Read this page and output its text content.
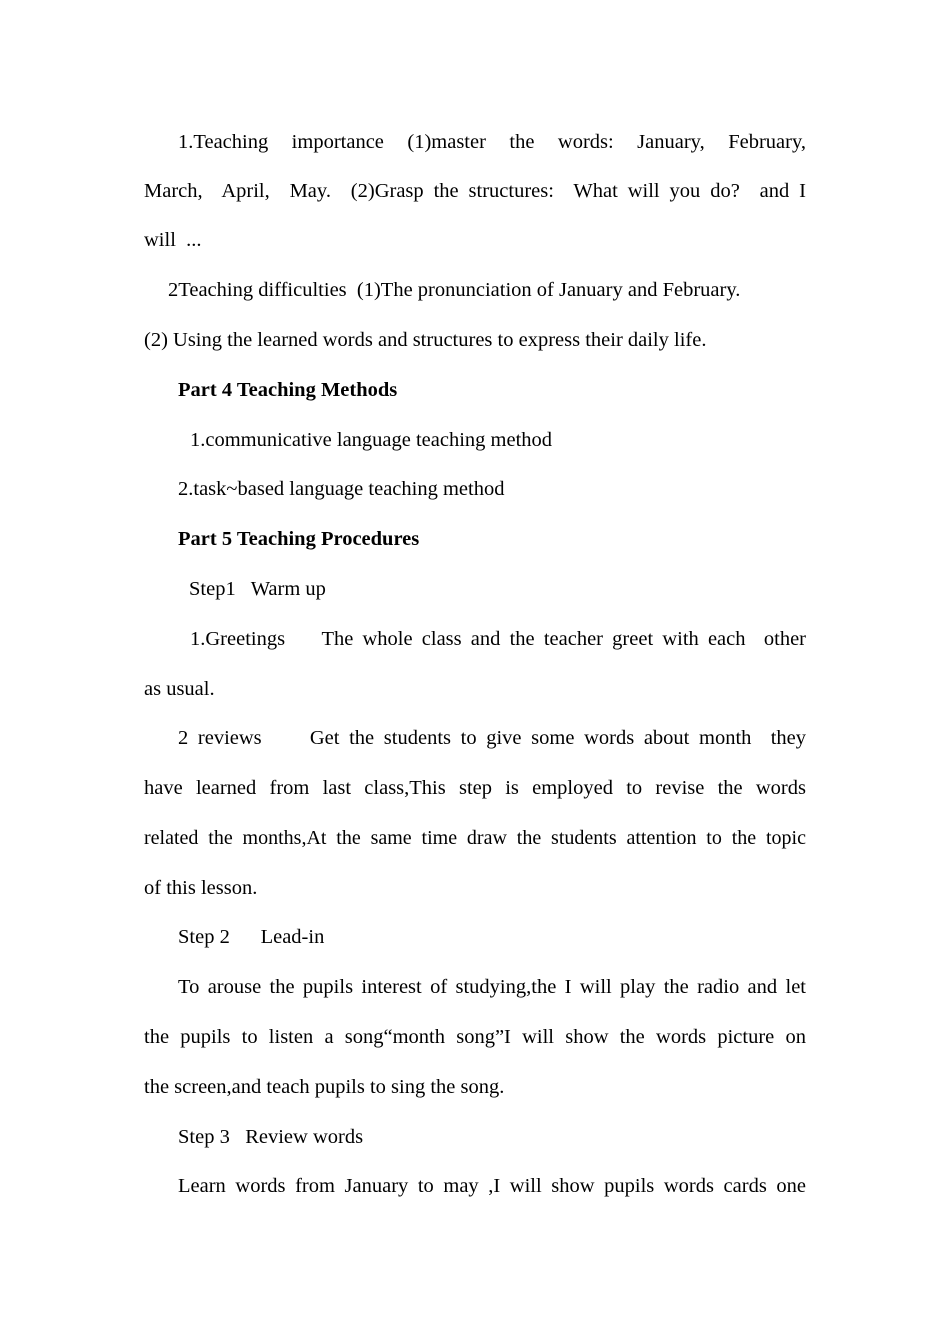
1.Teaching  importance  (1)master  the  words:  January,  February,
March,  April,  May.  (2)Grasp the structures:  What will you do?  and I
will  ...
2Teaching difficulties  (1)The pronunciation of January and February.
(2) Using the learned words and structures to express their daily life.
Part 4 Teaching Methods
1.communicative language teaching method
2.task~based language teaching method
Part 5 Teaching Procedures
Step1   Warm up
1.Greetings    The whole class and the teacher greet with each  other
as usual.
2 reviews     Get the students to give some words about month  they
have learned from last class,This step is employed to revise the words
related the months,At the same time draw the students attention to the topic
of this lesson.
Step 2      Lead-in
To arouse the pupils interest of studying,the I will play the radio and let
the pupils to listen a song“month song”I will show the words picture on
the screen,and teach pupils to sing the song.
Step 3   Review words
Learn words from January to may ,I will show pupils words cards one
